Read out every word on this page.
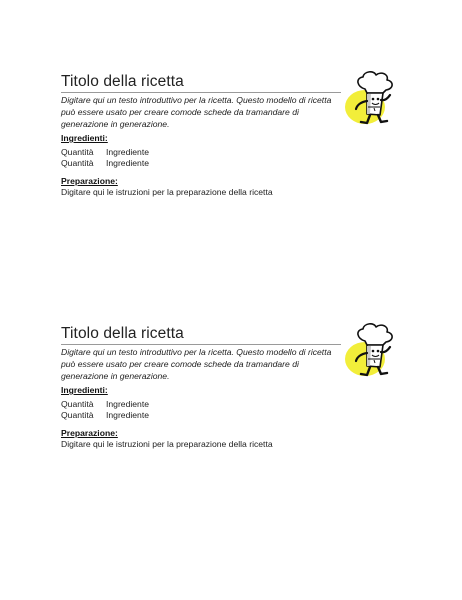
Titolo della ricetta
Digitare qui un testo introduttivo per la ricetta. Questo modello di ricetta può essere usato per creare comode schede da tramandare di generazione in generazione.
Ingredienti:
Quantità Ingrediente
Quantità Ingrediente
Preparazione:
Digitare qui le istruzioni per la preparazione della ricetta
Titolo della ricetta
Digitare qui un testo introduttivo per la ricetta. Questo modello di ricetta può essere usato per creare comode schede da tramandare di generazione in generazione.
Ingredienti:
Quantità Ingrediente
Quantità Ingrediente
Preparazione:
Digitare qui le istruzioni per la preparazione della ricetta
